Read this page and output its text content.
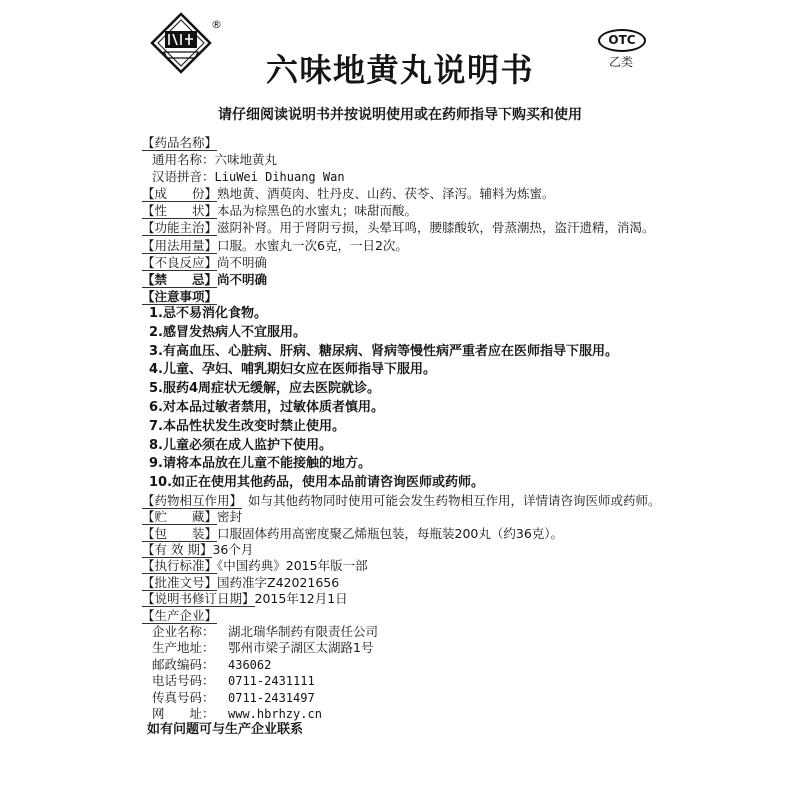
®
六味地黄丸说明书
OTC
乙类
请仔细阅读说明书并按说明使用或在药师指导下购买和使用
【药品名称】
通用名称：六味地黄丸
汉语拼音：LiuWei Dihuang Wan
【成　　份】熟地黄、酒萸肉、牡丹皮、山药、茯苓、泽泻。辅料为炼蜜。
【性　　状】本品为棕黑色的水蜜丸；味甜而酸。
【功能主治】滋阴补肾。用于肾阴亏损，头晕耳鸣，腰膝酸软，骨蒸潮热，盗汗遗精，消渴。
【用法用量】口服。水蜜丸一次6克，一日2次。
【不良反应】尚不明确
【禁　　忌】尚不明确
【注意事项】
1.忌不易消化食物。
2.感冒发热病人不宜服用。
3.有高血压、心脏病、肝病、糖尿病、肾病等慢性病严重者应在医师指导下服用。
4.儿童、孕妇、哺乳期妇女应在医师指导下服用。
5.服药4周症状无缓解，应去医院就诊。
6.对本品过敏者禁用，过敏体质者慎用。
7.本品性状发生改变时禁止使用。
8.儿童必须在成人监护下使用。
9.请将本品放在儿童不能接触的地方。
10.如正在使用其他药品，使用本品前请咨询医师或药师。
【药物相互作用】 如与其他药物同时使用可能会发生药物相互作用，详情请咨询医师或药师。
【贮　　藏】密封
【包　　装】口服固体药用高密度聚乙烯瓶包装，每瓶装200丸（约36克）。
【有 效 期】36个月
【执行标准】《中国药典》2015年版一部
【批准文号】国药准字Z42021656
【说明书修订日期】2015年12月1日
【生产企业】
企业名称： 湖北瑞华制药有限责任公司
生产地址： 鄂州市梁子湖区太湖路1号
邮政编码： 436062
电话号码： 0711-2431111
传真号码： 0711-2431497
网　　址： www.hbrhzy.cn
如有问题可与生产企业联系
